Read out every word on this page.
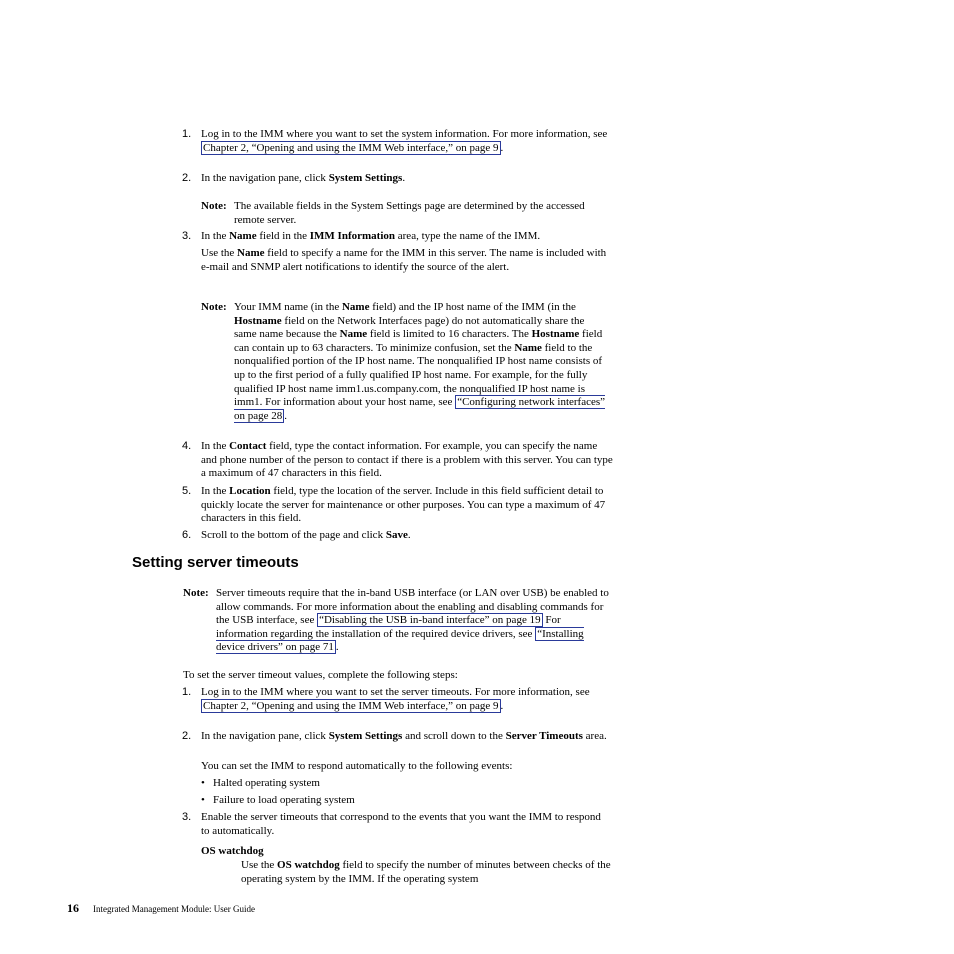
1. Log in to the IMM where you want to set the system information. For more information, see Chapter 2, “Opening and using the IMM Web interface,” on page 9 .
2. In the navigation pane, click System Settings.
Note: The available fields in the System Settings page are determined by the accessed remote server.
3. In the Name field in the IMM Information area, type the name of the IMM.
Use the Name field to specify a name for the IMM in this server. The name is included with e-mail and SNMP alert notifications to identify the source of the alert.
Note: Your IMM name (in the Name field) and the IP host name of the IMM (in the Hostname field on the Network Interfaces page) do not automatically share the same name because the Name field is limited to 16 characters. The Hostname field can contain up to 63 characters. To minimize confusion, set the Name field to the nonqualified portion of the IP host name. The nonqualified IP host name consists of up to the first period of a fully qualified IP host name. For example, for the fully qualified IP host name imm1.us.company.com, the nonqualified IP host name is imm1. For information about your host name, see “Configuring network interfaces” on page 28 .
4. In the Contact field, type the contact information. For example, you can specify the name and phone number of the person to contact if there is a problem with this server. You can type a maximum of 47 characters in this field.
5. In the Location field, type the location of the server. Include in this field sufficient detail to quickly locate the server for maintenance or other purposes. You can type a maximum of 47 characters in this field.
6. Scroll to the bottom of the page and click Save.
Setting server timeouts
Note: Server timeouts require that the in-band USB interface (or LAN over USB) be enabled to allow commands. For more information about the enabling and disabling commands for the USB interface, see “Disabling the USB in-band interface” on page 19 For information regarding the installation of the required device drivers, see “Installing device drivers” on page 71 .
To set the server timeout values, complete the following steps:
1. Log in to the IMM where you want to set the server timeouts. For more information, see Chapter 2, “Opening and using the IMM Web interface,” on page 9 .
2. In the navigation pane, click System Settings and scroll down to the Server Timeouts area.
You can set the IMM to respond automatically to the following events:
• Halted operating system
• Failure to load operating system
3. Enable the server timeouts that correspond to the events that you want the IMM to respond to automatically.
OS watchdog
Use the OS watchdog field to specify the number of minutes between checks of the operating system by the IMM. If the operating system
16 Integrated Management Module: User Guide
